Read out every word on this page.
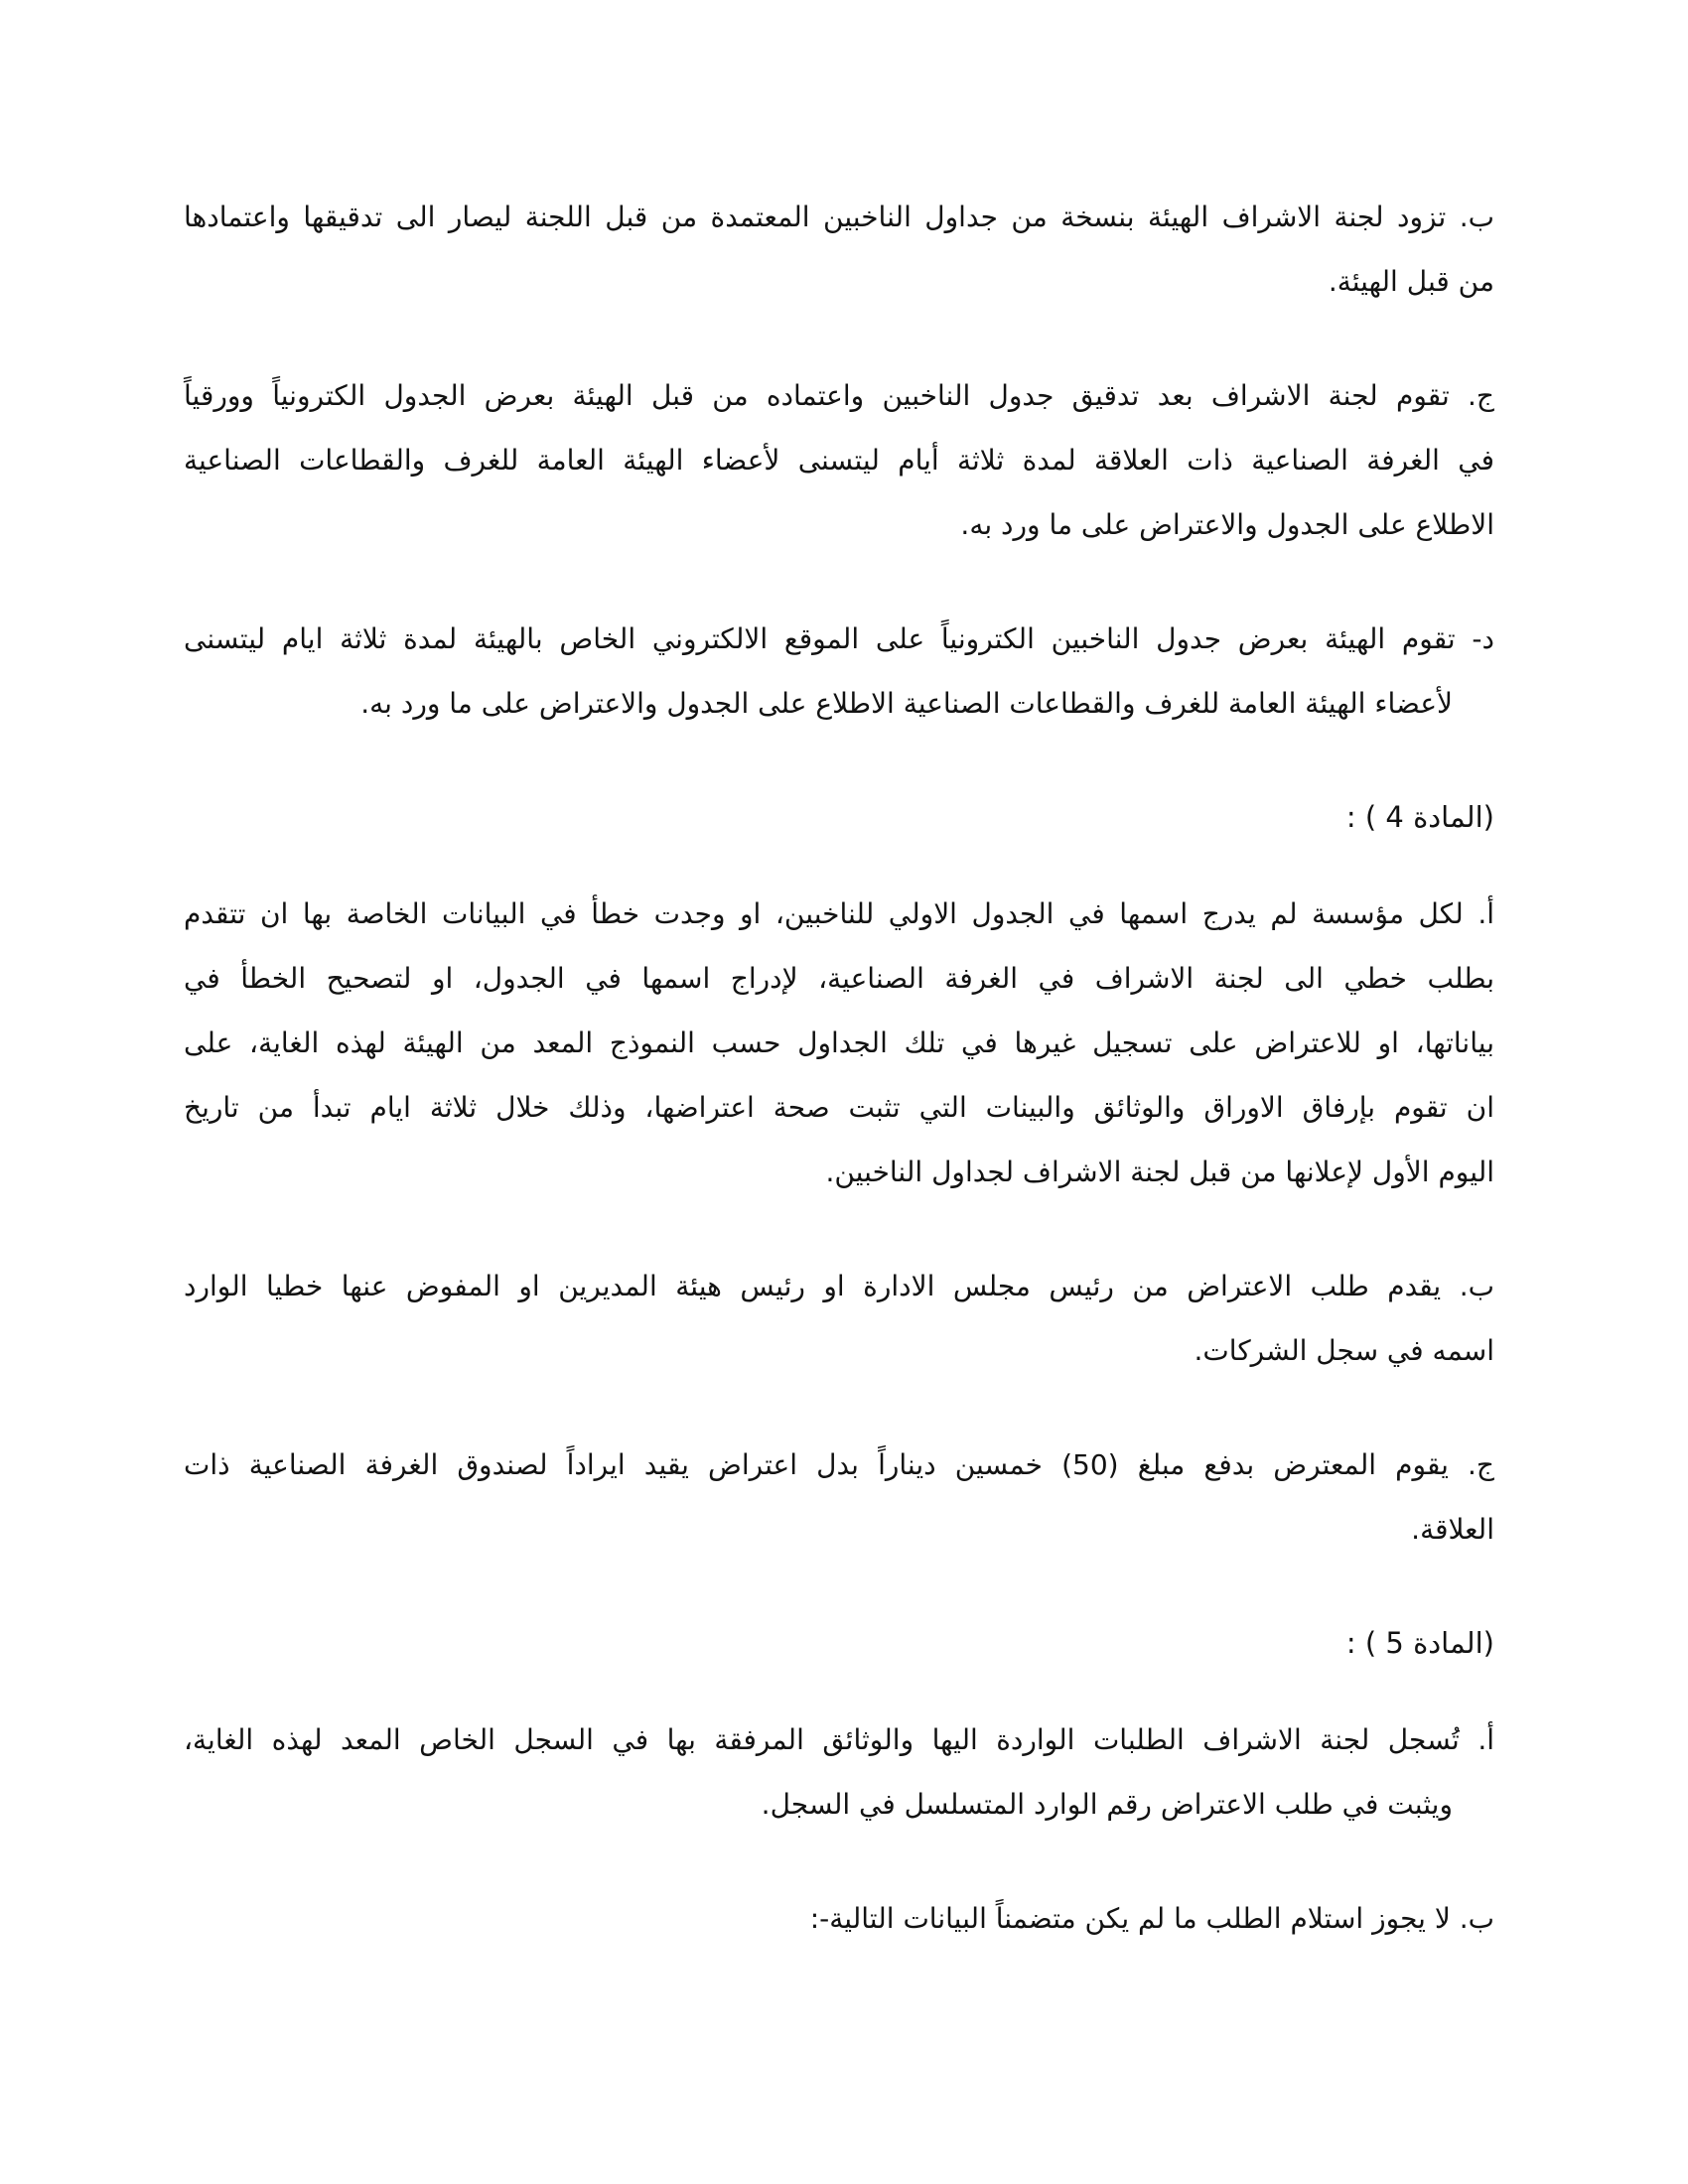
ب. تزود لجنة الاشراف الهيئة بنسخة من جداول الناخبين المعتمدة من قبل اللجنة ليصار الى تدقيقها واعتمادها
من قبل الهيئة.
ج. تقوم لجنة الاشراف بعد تدقيق جدول الناخبين واعتماده من قبل الهيئة بعرض الجدول الكترونياً وورقياً
في الغرفة الصناعية ذات العلاقة لمدة ثلاثة أيام ليتسنى لأعضاء الهيئة العامة للغرف والقطاعات الصناعية
الاطلاع على الجدول والاعتراض على ما ورد به.
د- تقوم الهيئة بعرض جدول الناخبين الكترونياً على الموقع الالكتروني الخاص بالهيئة لمدة ثلاثة ايام ليتسنى
لأعضاء الهيئة العامة للغرف والقطاعات الصناعية الاطلاع على الجدول والاعتراض على ما ورد به.
(المادة 4 ) :
أ. لكل مؤسسة لم يدرج اسمها في الجدول الاولي للناخبين، او وجدت خطأ في البيانات الخاصة بها ان تتقدم
بطلب خطي الى لجنة الاشراف في الغرفة الصناعية، لإدراج اسمها في الجدول، او لتصحيح الخطأ في
بياناتها، او للاعتراض على تسجيل غيرها في تلك الجداول حسب النموذج المعد من الهيئة لهذه الغاية، على
ان تقوم بإرفاق الاوراق والوثائق والبينات التي تثبت صحة اعتراضها، وذلك خلال ثلاثة ايام تبدأ من تاريخ
اليوم الأول لإعلانها من قبل لجنة الاشراف لجداول الناخبين.
ب. يقدم طلب الاعتراض من رئيس مجلس الادارة او رئيس هيئة المديرين او المفوض عنها خطيا الوارد
اسمه في سجل الشركات.
ج. يقوم المعترض بدفع مبلغ (50) خمسين ديناراً بدل اعتراض يقيد ايراداً لصندوق الغرفة الصناعية ذات
العلاقة.
(المادة 5 ) :
أ. تُسجل لجنة الاشراف الطلبات الواردة اليها والوثائق المرفقة بها في السجل الخاص المعد لهذه الغاية،
ويثبت في طلب الاعتراض رقم الوارد المتسلسل في السجل.
ب. لا يجوز استلام الطلب ما لم يكن متضمناً البيانات التالية-:
